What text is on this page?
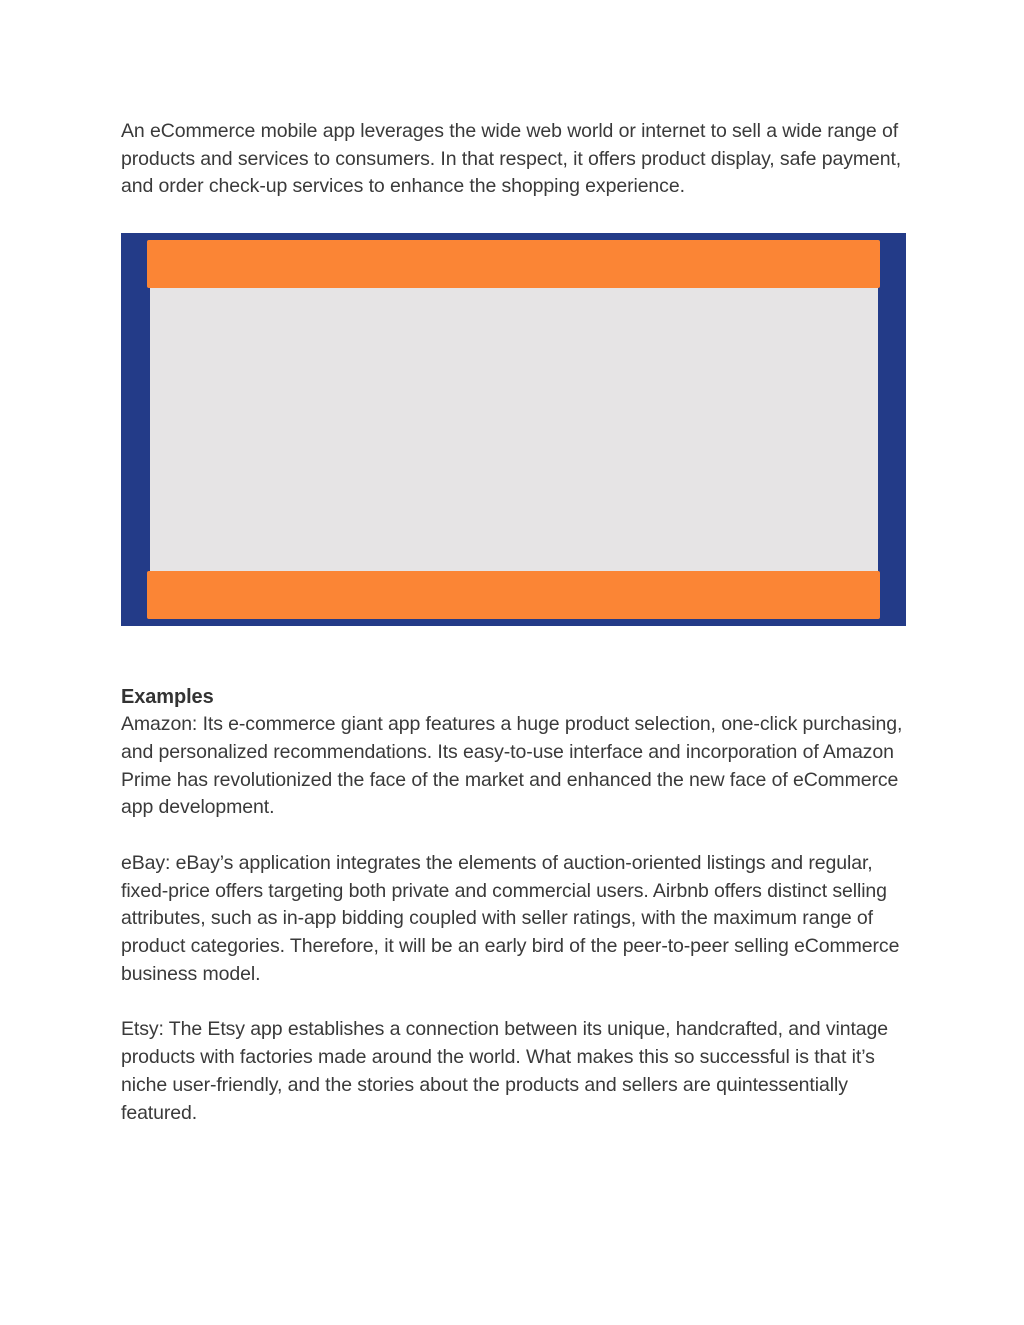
An eCommerce mobile app leverages the wide web world or internet to sell a wide range of products and services to consumers. In that respect, it offers product display, safe payment, and order check-up services to enhance the shopping experience.

Examples

Amazon: Its e-commerce giant app features a huge product selection, one-click purchasing, and personalized recommendations. Its easy-to-use interface and incorporation of Amazon Prime has revolutionized the face of the market and enhanced the new face of eCommerce app development.

eBay: eBay’s application integrates the elements of auction-oriented listings and regular, fixed-price offers targeting both private and commercial users. Airbnb offers distinct selling attributes, such as in-app bidding coupled with seller ratings, with the maximum range of product categories. Therefore, it will be an early bird of the peer-to-peer selling eCommerce business model.

Etsy: The Etsy app establishes a connection between its unique, handcrafted, and vintage products with factories made around the world. What makes this so successful is that it’s niche user-friendly, and the stories about the products and sellers are quintessentially featured.
